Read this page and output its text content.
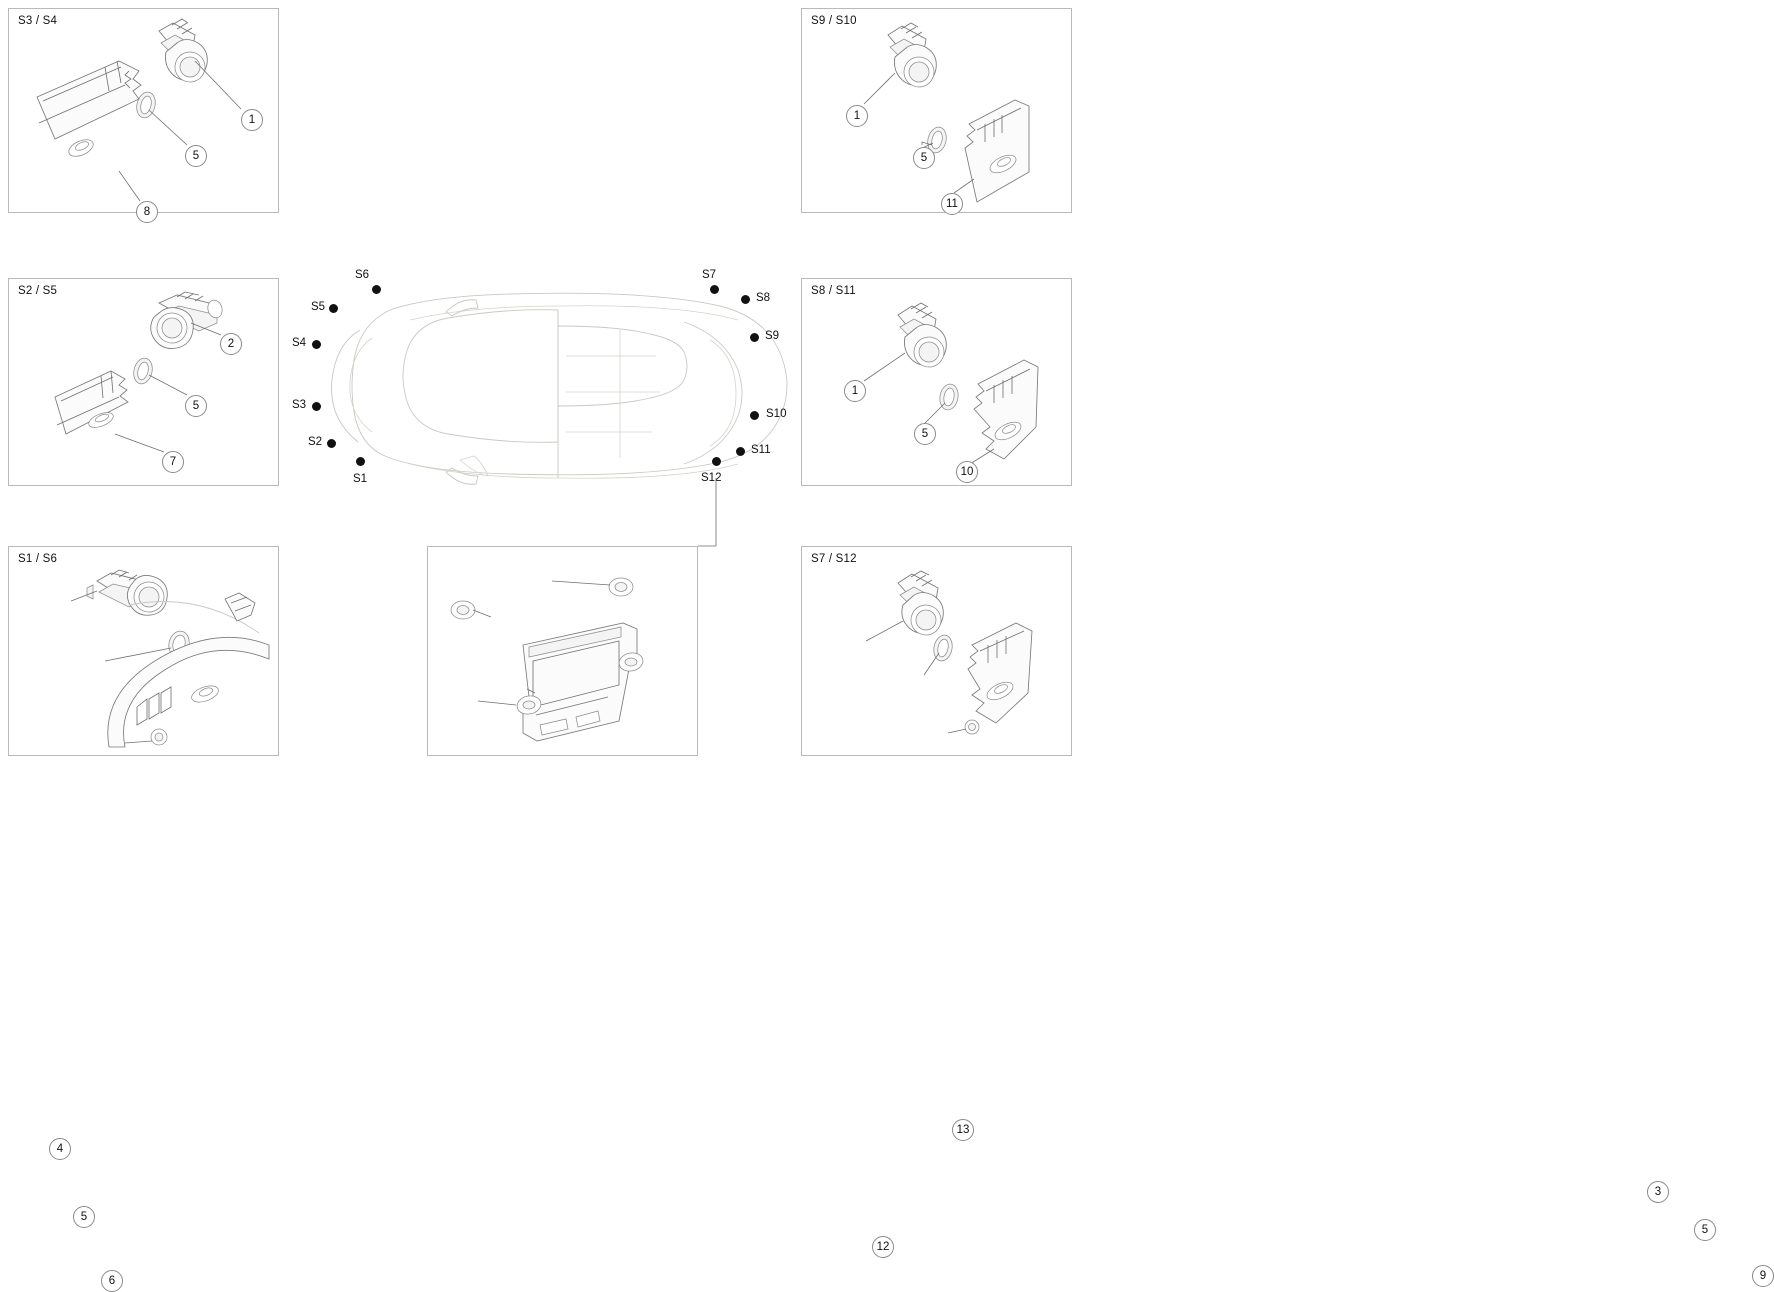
S3 / S4
1
5
8
S9 / S10
1
5
11
S2 / S5
2
5
7
S8 / S11
1
5
10
S1 / S6
4
5
6
13
12
S7 / S12
3
5
9
S6
S5
S4
S3
S2
S1
S7
S8
S9
S10
S11
S12
